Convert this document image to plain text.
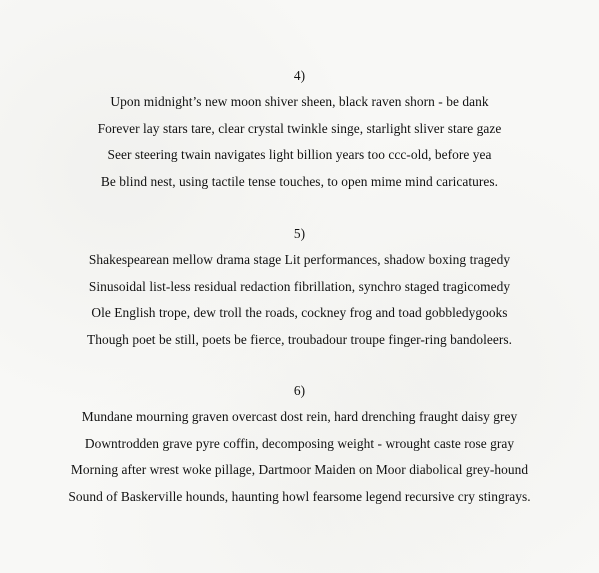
4)
Upon midnight’s new moon shiver sheen, black raven shorn - be dank
Forever lay stars tare, clear crystal twinkle singe, starlight sliver stare gaze
Seer steering twain navigates light billion years too ccc-old, before yea
Be blind nest, using tactile tense touches, to open mime mind caricatures.
5)
Shakespearean mellow drama stage Lit performances, shadow boxing tragedy
Sinusoidal list-less residual redaction fibrillation, synchro staged tragicomedy
Ole English trope, dew troll the roads, cockney frog and toad gobbledygooks
Though poet be still, poets be fierce, troubadour troupe finger-ring bandoleers.
6)
Mundane mourning graven overcast dost rein, hard drenching fraught daisy grey
Downtrodden grave pyre coffin, decomposing weight - wrought caste rose gray
Morning after wrest woke pillage, Dartmoor Maiden on Moor diabolical grey-hound
Sound of Baskerville hounds, haunting howl fearsome legend recursive cry stingrays.
